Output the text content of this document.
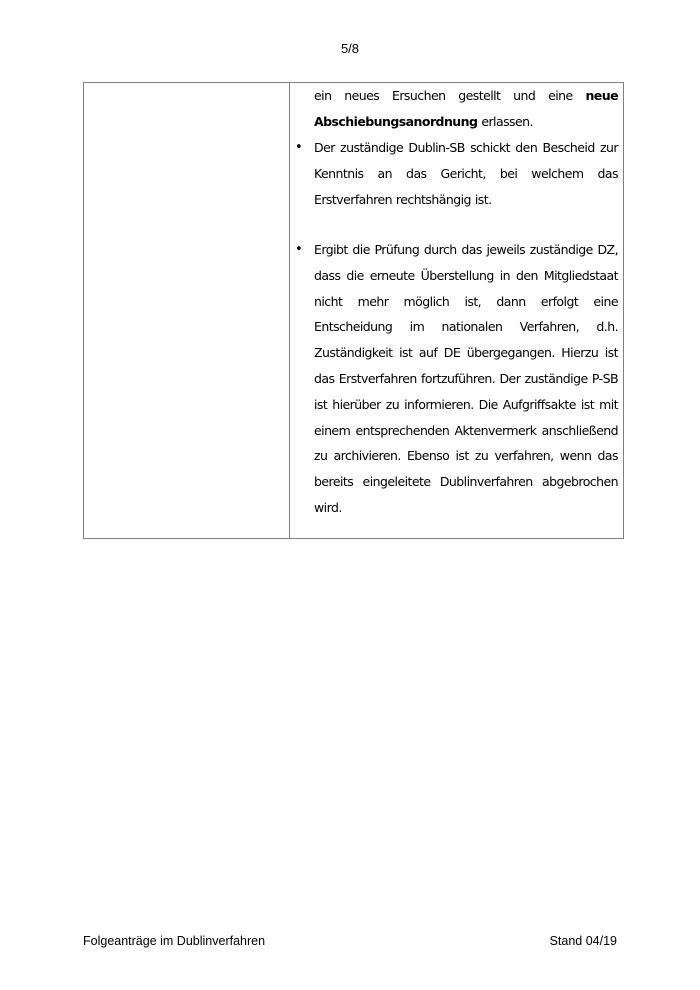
5/8
ein neues Ersuchen gestellt und eine neue Abschiebungsanordnung erlassen.
• Der zuständige Dublin-SB schickt den Bescheid zur Kenntnis an das Gericht, bei welchem das Erstverfahren rechtshängig ist.
• Ergibt die Prüfung durch das jeweils zuständige DZ, dass die erneute Überstellung in den Mitgliedstaat nicht mehr möglich ist, dann erfolgt eine Entscheidung im nationalen Verfahren, d.h. Zuständigkeit ist auf DE übergegangen. Hierzu ist das Erstverfahren fortzuführen. Der zuständige P-SB ist hierüber zu informieren. Die Aufgriffsakte ist mit einem entsprechenden Aktenvermerk anschließend zu archivieren. Ebenso ist zu verfahren, wenn das bereits eingeleitete Dublinverfahren abgebrochen wird.
Folgeanträge im Dublinverfahren	Stand 04/19
